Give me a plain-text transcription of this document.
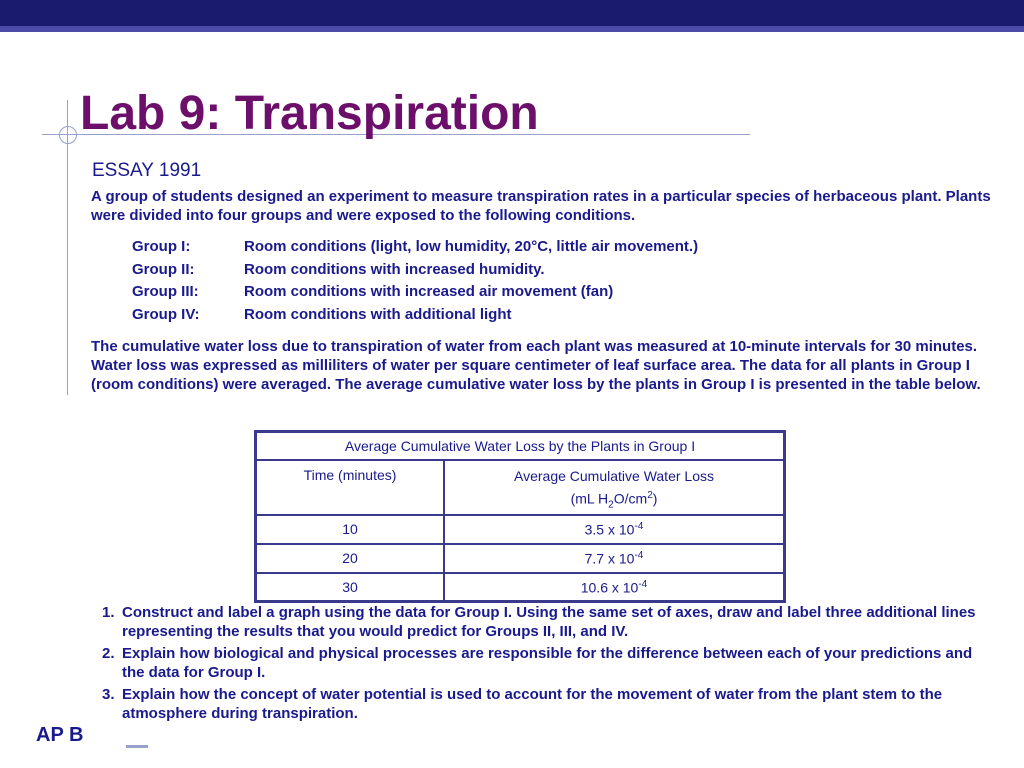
Lab 9: Transpiration
ESSAY 1991

A group of students designed an experiment to measure transpiration rates in a particular species of herbaceous plant. Plants were divided into four groups and were exposed to the following conditions.

Group I:	Room conditions (light, low humidity, 20°C, little air movement.)
Group II:	Room conditions with increased humidity.
Group III:	Room conditions with increased air movement (fan)
Group IV:	Room conditions with additional light

The cumulative water loss due to transpiration of water from each plant was measured at 10-minute intervals for 30 minutes. Water loss was expressed as milliliters of water per square centimeter of leaf surface area. The data for all plants in Group I (room conditions) were averaged. The average cumulative water loss by the plants in Group I is presented in the table below.

Average Cumulative Water Loss by the Plants in Group I	
Time (minutes)	Average Cumulative Water Loss
(mL $H_2O/cm^2$)
10	3.5 x $10^{-4}$
20	7.7 x $10^{-4}$
30	10.6 x $10^{-4}$
1. Construct and label a graph using the data for Group I. Using the same set of axes, draw and label three additional lines representing the results that you would predict for Groups II, III, and IV.
2. Explain how biological and physical processes are responsible for the difference between each of your predictions and the data for Group I.
3. Explain how the concept of water potential is used to account for the movement of water from the plant stem to the atmosphere during transpiration.
AP B
